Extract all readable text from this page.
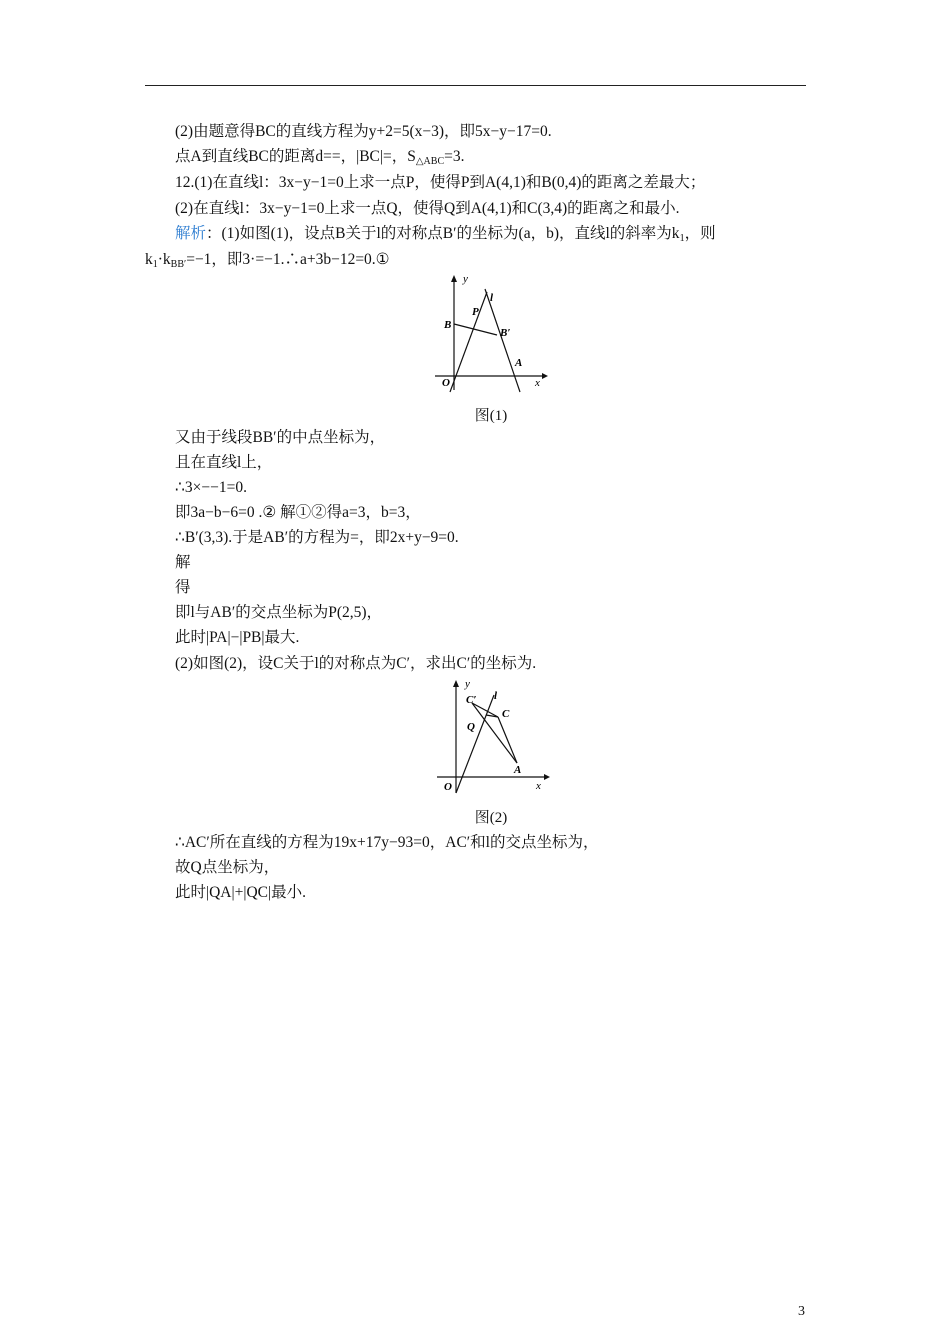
(2)由题意得BC的直线方程为y+2=5(x−3)，即5x−y−17=0.
点A到直线BC的距离d==，|BC|=，S△ABC=3.
12.(1)在直线l：3x−y−1=0上求一点P，使得P到A(4,1)和B(0,4)的距离之差最大；
(2)在直线l：3x−y−1=0上求一点Q，使得Q到A(4,1)和C(3,4)的距离之和最小.
解析：(1)如图(1)，设点B关于l的对称点B′的坐标为(a，b)，直线l的斜率为k1，则
k1·kBB′=−1，即3·=−1.∴a+3b−12=0.①
y
x
O
l
P
B
B′
A
图(1)
又由于线段BB′的中点坐标为，
且在直线l上，
∴3×−−1=0.
即3a−b−6=0 .② 解①②得a=3，b=3，
∴B′(3,3).于是AB′的方程为=，即2x+y−9=0.
解
得
即l与AB′的交点坐标为P(2,5)，
此时|PA|−|PB|最大.
(2)如图(2)，设C关于l的对称点为C′，求出C′的坐标为.
y
x
O
l
Q
C
C′
A
图(2)
∴AC′所在直线的方程为19x+17y−93=0，AC′和l的交点坐标为，
故Q点坐标为，
此时|QA|+|QC|最小.
3
